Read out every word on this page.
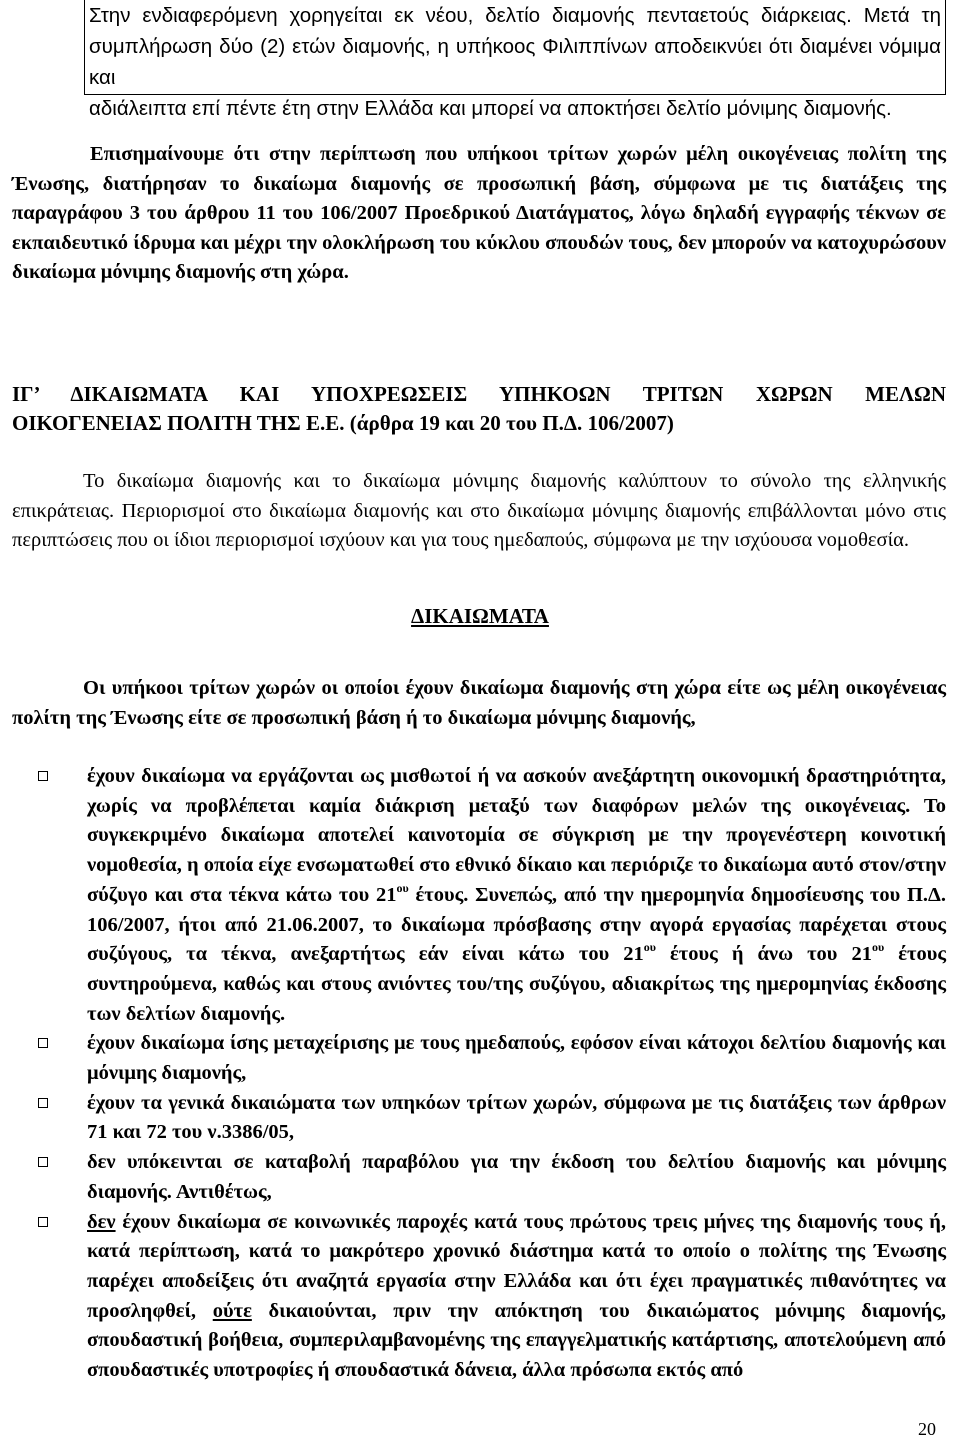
Στην ενδιαφερόμενη χορηγείται εκ νέου, δελτίο διαμονής πενταετούς διάρκειας. Μετά τη
συμπλήρωση δύο (2) ετών διαμονής, η υπήκοος Φιλιππίνων αποδεικνύει ότι διαμένει νόμιμα και
αδιάλειπτα επί πέντε έτη στην Ελλάδα και μπορεί να αποκτήσει δελτίο μόνιμης διαμονής.

Επισημαίνουμε ότι στην περίπτωση που υπήκοοι τρίτων χωρών μέλη οικογένειας πολίτη της Ένωσης, διατήρησαν το δικαίωμα διαμονής σε προσωπική βάση, σύμφωνα με τις διατάξεις της παραγράφου 3 του άρθρου 11 του 106/2007 Προεδρικού Διατάγματος, λόγω δηλαδή εγγραφής τέκνων σε εκπαιδευτικό ίδρυμα και μέχρι την ολοκλήρωση του κύκλου σπουδών τους, δεν μπορούν να κατοχυρώσουν δικαίωμα μόνιμης διαμονής στη χώρα.

ΙΓ’ ΔΙΚΑΙΩΜΑΤΑ ΚΑΙ ΥΠΟΧΡΕΩΣΕΙΣ ΥΠΗΚΟΩΝ ΤΡΙΤΩΝ ΧΩΡΩΝ ΜΕΛΩΝ
ΟΙΚΟΓΕΝΕΙΑΣ ΠΟΛΙΤΗ ΤΗΣ Ε.Ε. (άρθρα 19 και 20 του Π.Δ. 106/2007)

Το δικαίωμα διαμονής και το δικαίωμα μόνιμης διαμονής καλύπτουν το σύνολο της ελληνικής επικράτειας. Περιορισμοί στο δικαίωμα διαμονής και στο δικαίωμα μόνιμης διαμονής επιβάλλονται μόνο στις περιπτώσεις που οι ίδιοι περιορισμοί ισχύουν και για τους ημεδαπούς, σύμφωνα με την ισχύουσα νομοθεσία.

ΔΙΚΑΙΩΜΑΤΑ

Οι υπήκοοι τρίτων χωρών οι οποίοι έχουν δικαίωμα διαμονής στη χώρα είτε ως μέλη οικογένειας πολίτη της Ένωσης είτε σε προσωπική βάση ή το δικαίωμα μόνιμης διαμονής,

έχουν δικαίωμα να εργάζονται ως μισθωτοί ή να ασκούν ανεξάρτητη οικονομική δραστηριότητα, χωρίς να προβλέπεται καμία διάκριση μεταξύ των διαφόρων μελών της οικογένειας. Το συγκεκριμένο δικαίωμα αποτελεί καινοτομία σε σύγκριση με την προγενέστερη κοινοτική νομοθεσία, η οποία είχε ενσωματωθεί στο εθνικό δίκαιο και περιόριζε το δικαίωμα αυτό στον/στην σύζυγο και στα τέκνα κάτω του $21^{o\upsilon}$ έτους. Συνεπώς, από την ημερομηνία δημοσίευσης του Π.Δ. 106/2007, ήτοι από 21.06.2007, το δικαίωμα πρόσβασης στην αγορά εργασίας παρέχεται στους συζύγους, τα τέκνα, ανεξαρτήτως εάν είναι κάτω του $21^{o\upsilon}$ έτους ή άνω του $21^{o\upsilon}$ έτους συντηρούμενα, καθώς και στους ανιόντες του/της συζύγου, αδιακρίτως της ημερομηνίας έκδοσης των δελτίων διαμονής.
έχουν δικαίωμα ίσης μεταχείρισης με τους ημεδαπούς, εφόσον είναι κάτοχοι δελτίου διαμονής και μόνιμης διαμονής,
έχουν τα γενικά δικαιώματα των υπηκόων τρίτων χωρών, σύμφωνα με τις διατάξεις των άρθρων 71 και 72 του ν.3386/05,
δεν υπόκεινται σε καταβολή παραβόλου για την έκδοση του δελτίου διαμονής και μόνιμης διαμονής. Αντιθέτως,
δεν έχουν δικαίωμα σε κοινωνικές παροχές κατά τους πρώτους τρεις μήνες της διαμονής τους ή, κατά περίπτωση, κατά το μακρότερο χρονικό διάστημα κατά το οποίο ο πολίτης της Ένωσης παρέχει αποδείξεις ότι αναζητά εργασία στην Ελλάδα και ότι έχει πραγματικές πιθανότητες να προσληφθεί, ούτε δικαιούνται, πριν την απόκτηση του δικαιώματος μόνιμης διαμονής, σπουδαστική βοήθεια, συμπεριλαμβανομένης της επαγγελματικής κατάρτισης, αποτελούμενη από σπουδαστικές υποτροφίες ή σπουδαστικά δάνεια, άλλα πρόσωπα εκτός από
20
